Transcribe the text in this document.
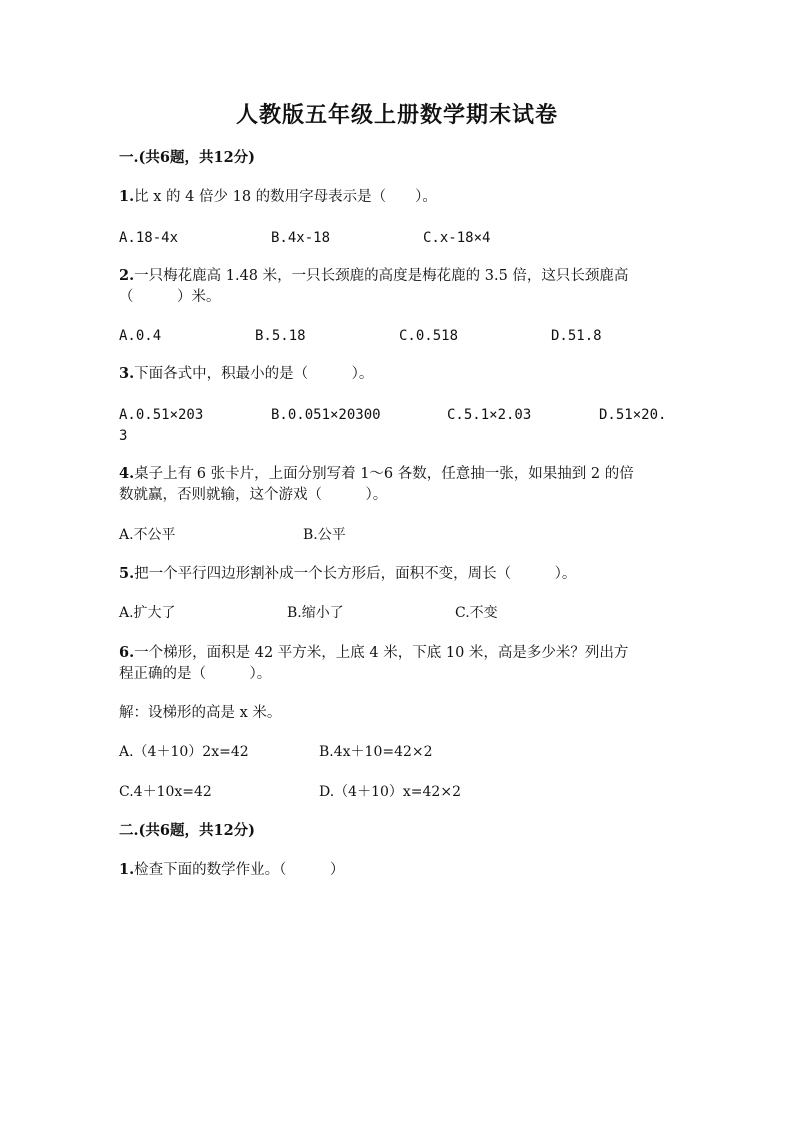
人教版五年级上册数学期末试卷
一.(共6题，共12分)
1.比 x 的 4 倍少 18 的数用字母表示是（　　）。
A.18-4x	B.4x-18	C.x-18×4
2.一只梅花鹿高 1.48 米，一只长颈鹿的高度是梅花鹿的 3.5 倍，这只长颈鹿高
（　　　）米。
A.0.4	B.5.18	C.0.518	D.51.8
3.下面各式中，积最小的是（　　　）。
A.0.51×203	B.0.051×20300	C.5.1×2.03	D.51×20.
3
4.桌子上有 6 张卡片，上面分别写着 1～6 各数，任意抽一张，如果抽到 2 的倍
数就赢，否则就输，这个游戏（　　　）。
A.不公平	B.公平
5.把一个平行四边形割补成一个长方形后，面积不变，周长（　　　）。
A.扩大了	B.缩小了	C.不变
6.一个梯形，面积是 42 平方米，上底 4 米，下底 10 米，高是多少米？列出方
程正确的是（　　　）。
解：设梯形的高是 x 米。
A.（4＋10）2x=42	B.4x＋10=42×2
C.4＋10x=42	D.（4＋10）x=42×2
二.(共6题，共12分)
1.检查下面的数学作业。（　　　）
